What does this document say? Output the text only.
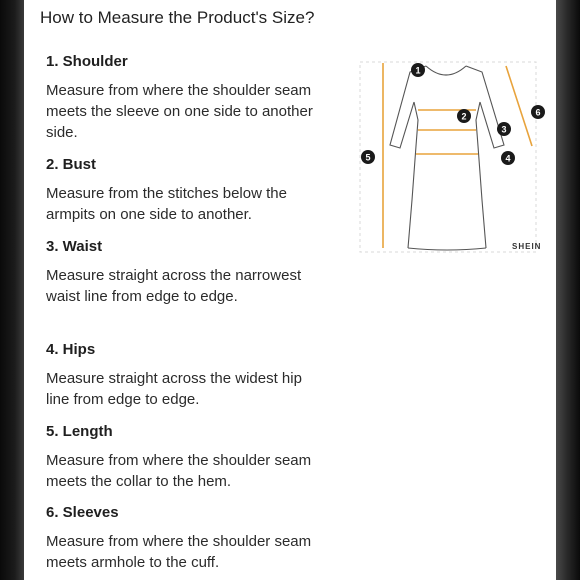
How to Measure the Product's Size?
1. Shoulder
Measure from where the shoulder seam meets the sleeve on one side to another side.
2. Bust
Measure from the stitches below the armpits on one side to another.
3. Waist
Measure straight across the narrowest waist line from edge to edge.
4. Hips
Measure straight across the widest hip line from edge to edge.
5. Length
Measure from where the shoulder seam meets the collar to the hem.
6. Sleeves
Measure from where the shoulder seam meets armhole to the cuff.
1
2
3
4
5
6
SHEIN
